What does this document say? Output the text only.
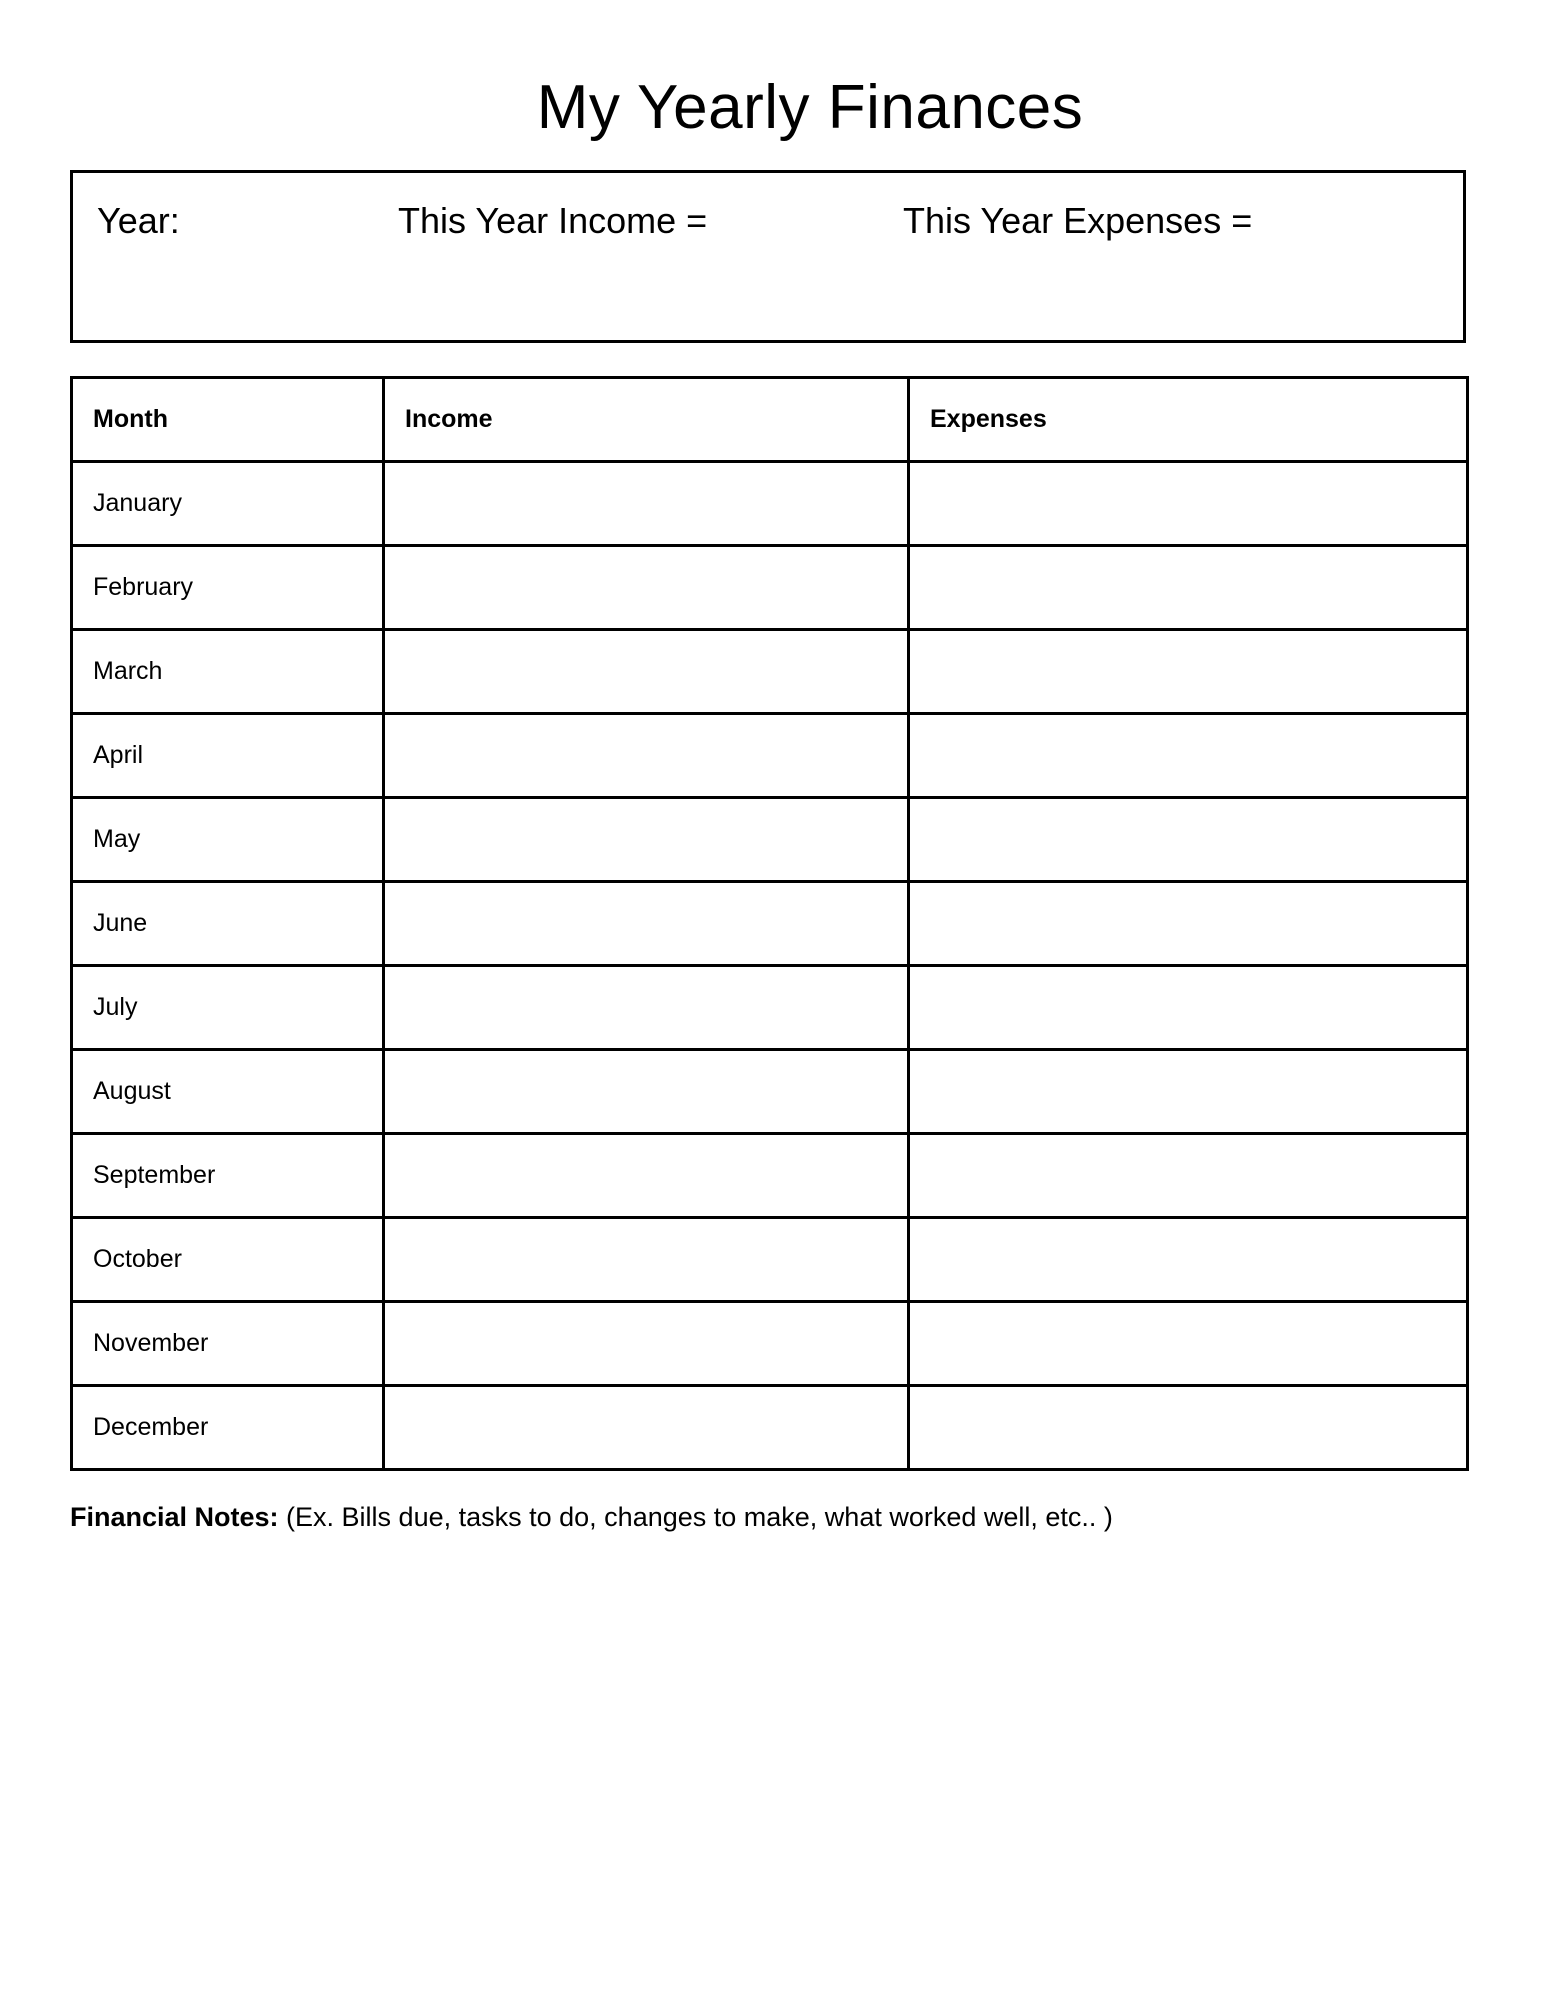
My Yearly Finances
Year:	This Year Income =	This Year Expenses =
Month	Income	Expenses
January		
February		
March		
April		
May		
June		
July		
August		
September		
October		
November		
December		
Financial Notes: (Ex. Bills due, tasks to do, changes to make, what worked well, etc.. )
